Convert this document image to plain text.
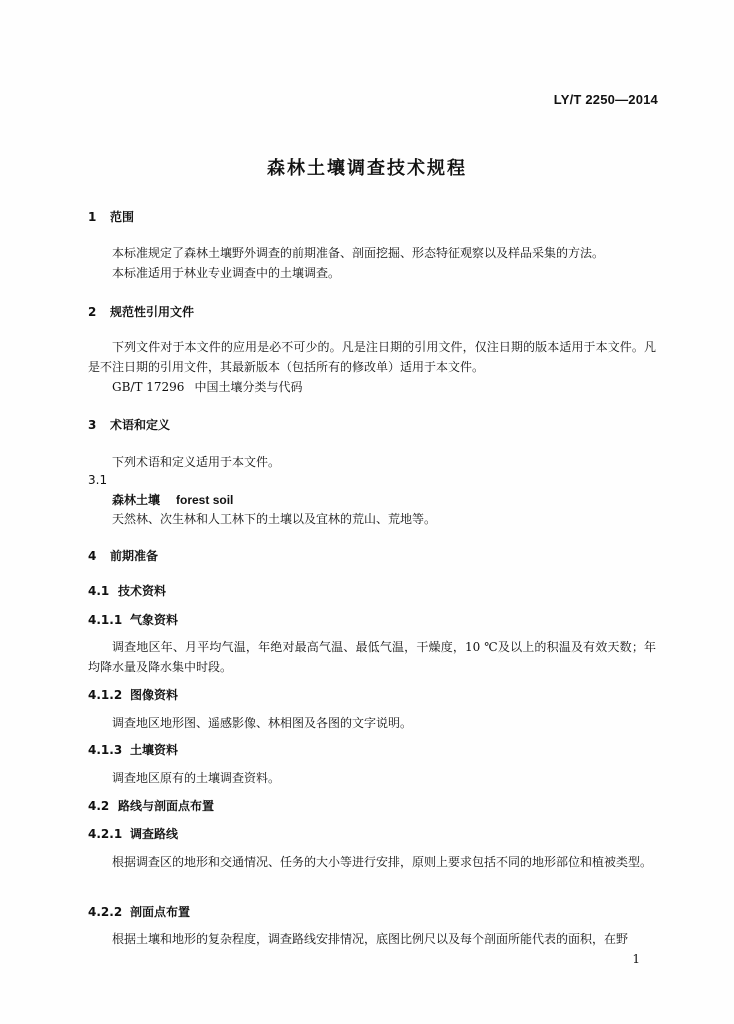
LY/T 2250—2014
森林土壤调查技术规程
1 范围
本标准规定了森林土壤野外调查的前期准备、剖面挖掘、形态特征观察以及样品采集的方法。
本标准适用于林业专业调查中的土壤调查。
2 规范性引用文件
下列文件对于本文件的应用是必不可少的。凡是注日期的引用文件，仅注日期的版本适用于本文件。凡是不注日期的引用文件，其最新版本（包括所有的修改单）适用于本文件。
GB/T 17296 中国土壤分类与代码
3 术语和定义
下列术语和定义适用于本文件。
3.1
森林土壤 forest soil
天然林、次生林和人工林下的土壤以及宜林的荒山、荒地等。
4 前期准备
4.1 技术资料
4.1.1 气象资料
调查地区年、月平均气温，年绝对最高气温、最低气温，干燥度，10 ℃及以上的积温及有效天数；年均降水量及降水集中时段。
4.1.2 图像资料
调查地区地形图、遥感影像、林相图及各图的文字说明。
4.1.3 土壤资料
调查地区原有的土壤调查资料。
4.2 路线与剖面点布置
4.2.1 调查路线
根据调查区的地形和交通情况、任务的大小等进行安排，原则上要求包括不同的地形部位和植被类型。
4.2.2 剖面点布置
根据土壤和地形的复杂程度，调查路线安排情况，底图比例尺以及每个剖面所能代表的面积，在野
1
